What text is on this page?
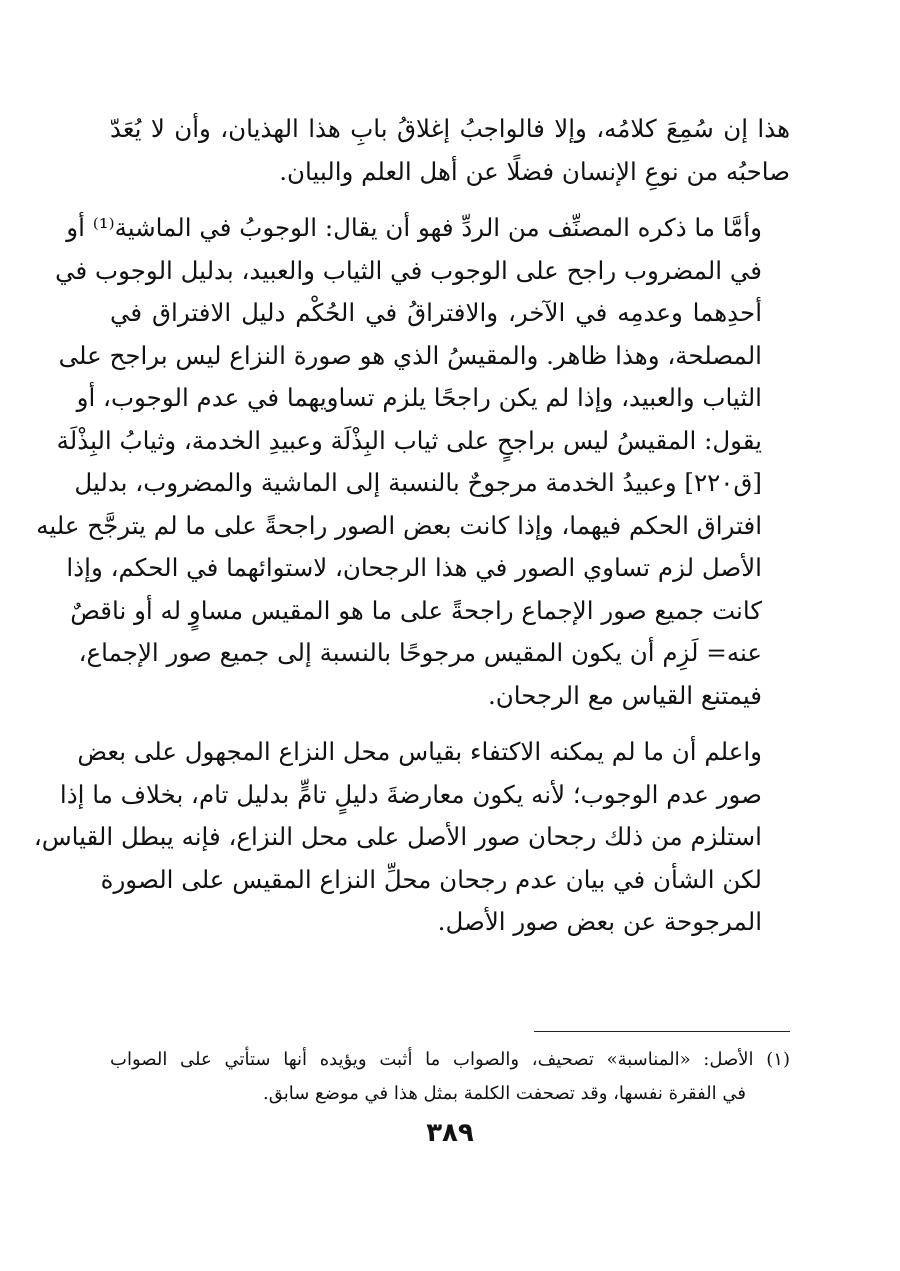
هذا إن سُمِعَ كلامُه، وإلا فالواجبُ إغلاقُ بابِ هذا الهذيان، وأن لا يُعَدّ
صاحبُه من نوعِ الإنسان فضلًا عن أهل العلم والبيان.

وأمَّا ما ذكره المصنِّف من الردِّ فهو أن يقال: الوجوبُ في الماشية⁽¹⁾ أو
في المضروب راجح على الوجوب في الثياب والعبيد، بدليل الوجوب في
أحدِهما وعدمِه في الآخر، والافتراقُ في الحُكْم دليل الافتراق في
المصلحة، وهذا ظاهر. والمقيسُ الذي هو صورة النزاع ليس براجح على
الثياب والعبيد، وإذا لم يكن راجحًا يلزم تساويهما في عدم الوجوب، أو
يقول: المقيسُ ليس براجحٍ على ثياب البِذْلَة وعبيدِ الخدمة، وثيابُ البِذْلَة
[ق٢٢٠] وعبيدُ الخدمة مرجوحٌ بالنسبة إلى الماشية والمضروب، بدليل
افتراق الحكم فيهما، وإذا كانت بعض الصور راجحةً على ما لم يترجَّح عليه
الأصل لزم تساوي الصور في هذا الرجحان، لاستوائهما في الحكم، وإذا
كانت جميع صور الإجماع راجحةً على ما هو المقيس مساوٍ له أو ناقصٌ
عنه= لَزِم أن يكون المقيس مرجوحًا بالنسبة إلى جميع صور الإجماع،
فيمتنع القياس مع الرجحان.

واعلم أن ما لم يمكنه الاكتفاء بقياس محل النزاع المجهول على بعض
صور عدم الوجوب؛ لأنه يكون معارضةَ دليلٍ تامٍّ بدليل تام، بخلاف ما إذا
استلزم من ذلك رجحان صور الأصل على محل النزاع، فإنه يبطل القياس،
لكن الشأن في بيان عدم رجحان محلِّ النزاع المقيس على الصورة
المرجوحة عن بعض صور الأصل.

(١) الأصل: «المناسبة» تصحيف، والصواب ما أثبت ويؤيده أنها ستأتي على الصواب
في الفقرة نفسها، وقد تصحفت الكلمة بمثل هذا في موضع سابق.
٣٨٩
